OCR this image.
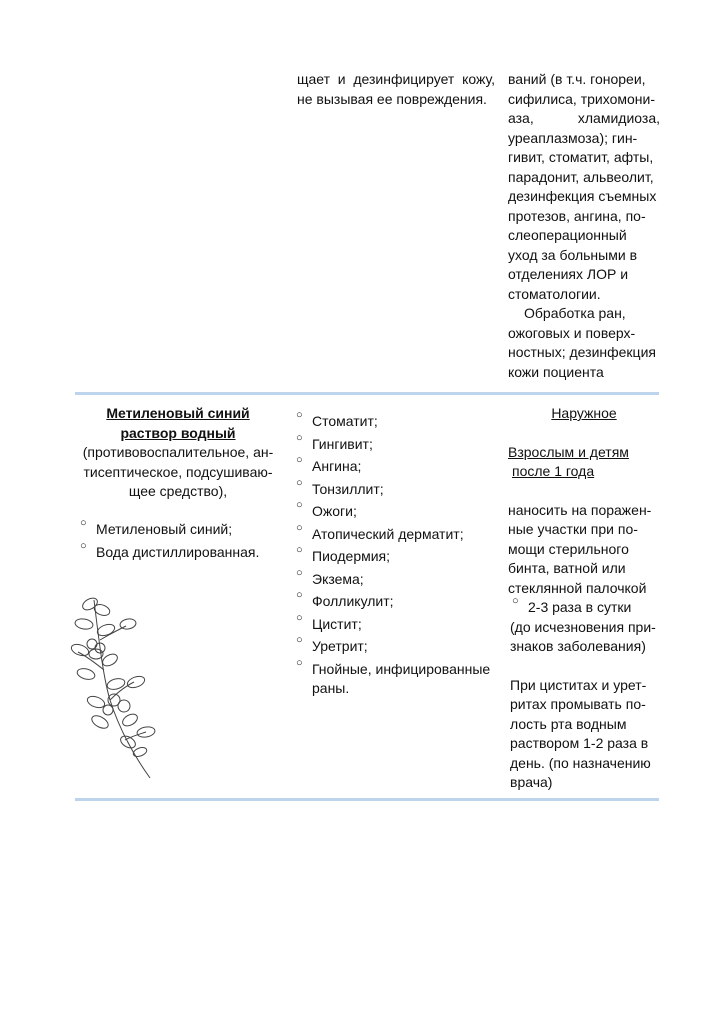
щает и дезинфицирует кожу, не вызывая ее повреждения.
ваний (в т.ч. гонореи,
сифилиса, трихомони-
аза,	хламидиоза,
уреаплазмоза); гин-
гивит, стоматит, афты,
парадонит, альвеолит,
дезинфекция съемных
протезов, ангина, по-
слеоперационный
уход за больными в
отделениях ЛОР и
стоматологии.
Обработка ран,
ожоговых и поверх-
ностных; дезинфекция
кожи поциента
Метиленовый синий
раствор водный
(противовоспалительное, ан-
тисептическое, подсушиваю-
щее средство),
○ Метиленовый синий;
○ Вода дистиллированная.
○ Стоматит;
○ Гингивит;
○ Ангина;
○ Тонзиллит;
○ Ожоги;
○ Атопический дерматит;
○ Пиодермия;
○ Экзема;
○ Фолликулит;
○ Цистит;
○ Уретрит;
○ Гнойные, инфицированные раны.
Наружное
Взрослым и детям
после 1 года
наносить на поражен-
ные участки при по-
мощи стерильного
бинта, ватной или
стеклянной палочкой
○ 2-3 раза в сутки
(до исчезновения при-
знаков заболевания)
При циститах и урет-
ритах промывать по-
лость рта водным
раствором 1-2 раза в
день. (по назначению
врача)
